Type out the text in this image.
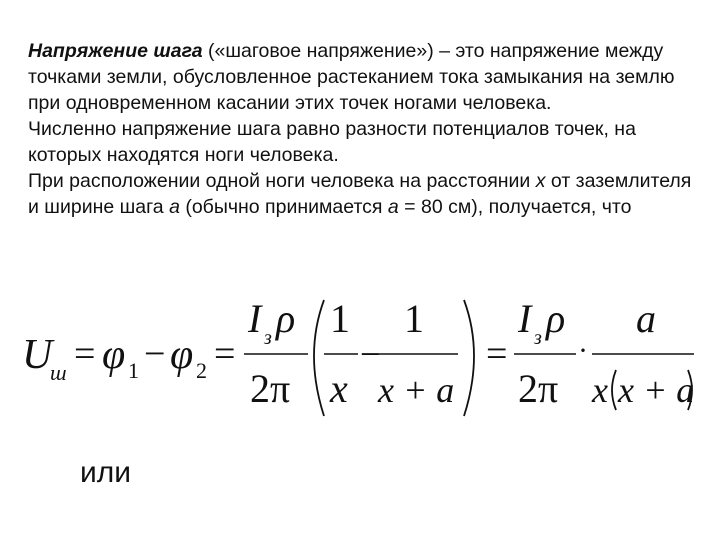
Напряжение шага («шаговое напряжение») – это напряжение между точками земли, обусловленное растеканием тока замыкания на землю при одновременном касании этих точек ногами человека.

Численно напряжение шага равно разности потенциалов точек, на которых находятся ноги человека.

При расположении одной ноги человека на расстоянии x от заземлителя и ширине шага a (обычно принимается a = 80 см), получается, что

U
ш = φ 1 − φ 2 =
I з ρ
2π
1
x
−
1
x + a
=
I з ρ
2π
·
a
x x + a
или
